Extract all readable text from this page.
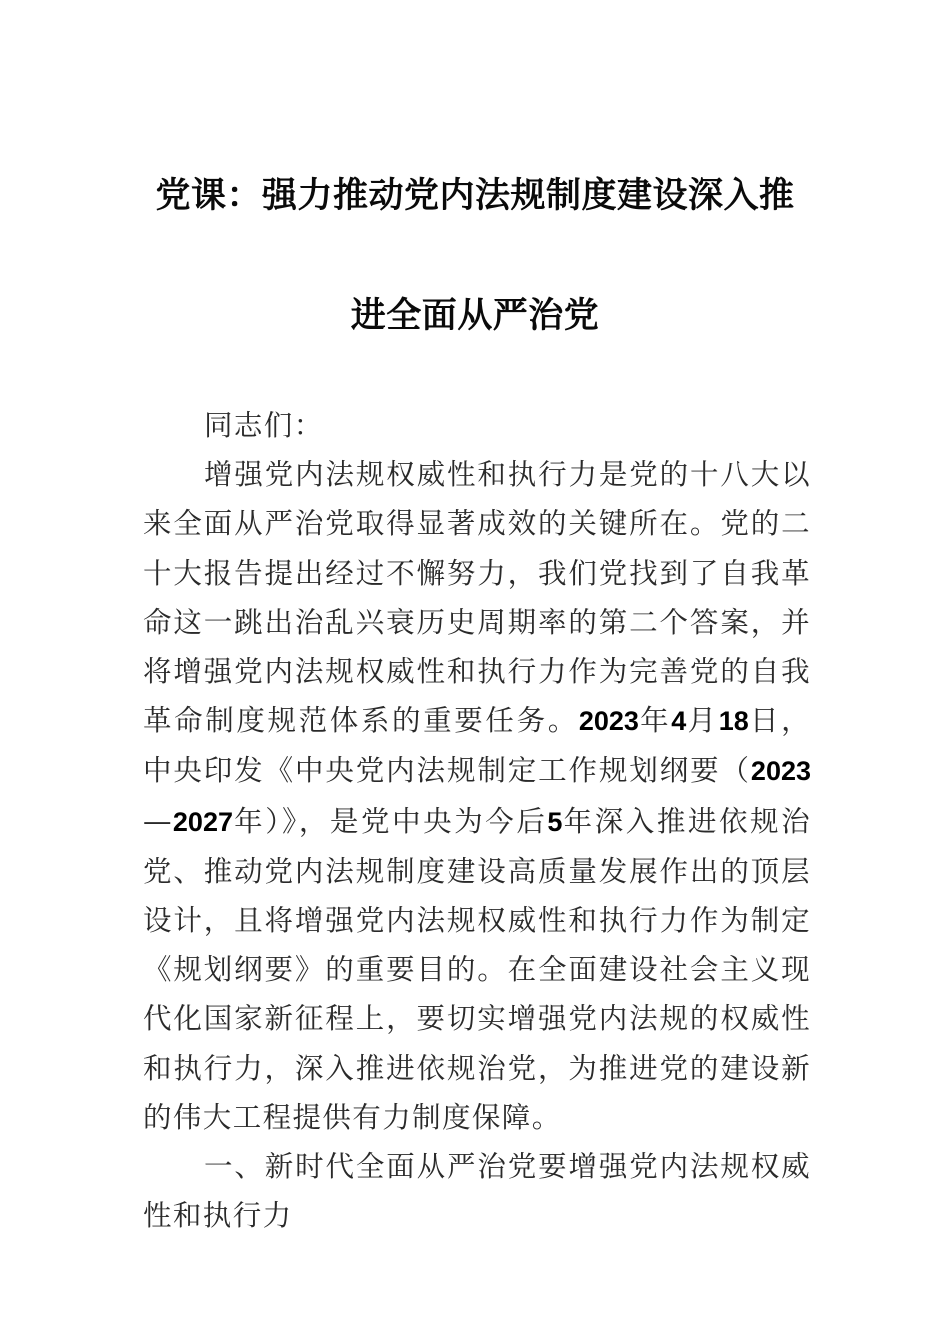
党课：强力推动党内法规制度建设深入推
进全面从严治党

同志们：

增强党内法规权威性和执行力是党的十八大以来全面从严治党取得显著成效的关键所在。党的二十大报告提出经过不懈努力，我们党找到了自我革命这一跳出治乱兴衰历史周期率的第二个答案，并将增强党内法规权威性和执行力作为完善党的自我革命制度规范体系的重要任务。2023年4月18日，中央印发《中央党内法规制定工作规划纲要（2023—2027年）》，是党中央为今后5年深入推进依规治党、推动党内法规制度建设高质量发展作出的顶层设计，且将增强党内法规权威性和执行力作为制定《规划纲要》的重要目的。在全面建设社会主义现代化国家新征程上，要切实增强党内法规的权威性和执行力，深入推进依规治党，为推进党的建设新的伟大工程提供有力制度保障。

一、新时代全面从严治党要增强党内法规权威性和执行力
